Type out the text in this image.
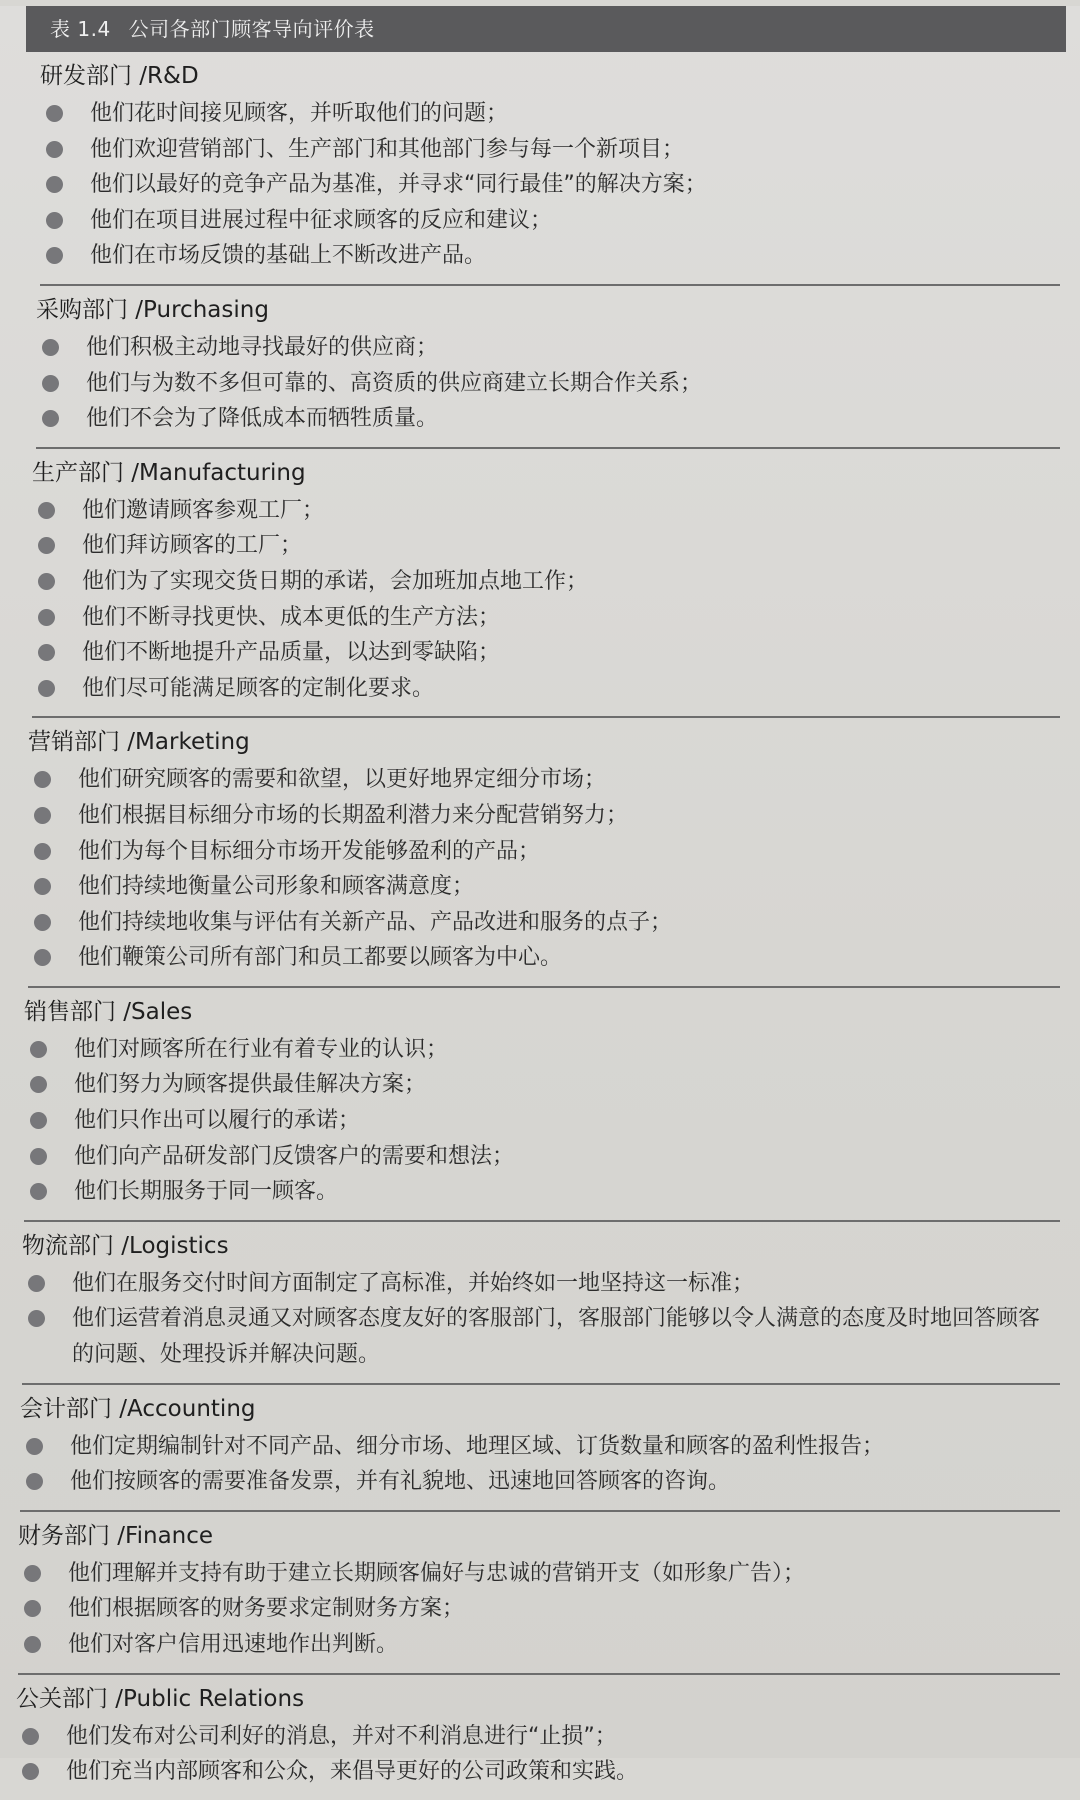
表 1.4 公司各部门顾客导向评价表
研发部门 /R&D
他们花时间接见顾客，并听取他们的问题；
他们欢迎营销部门、生产部门和其他部门参与每一个新项目；
他们以最好的竞争产品为基准，并寻求“同行最佳”的解决方案；
他们在项目进展过程中征求顾客的反应和建议；
他们在市场反馈的基础上不断改进产品。
采购部门 /Purchasing
他们积极主动地寻找最好的供应商；
他们与为数不多但可靠的、高资质的供应商建立长期合作关系；
他们不会为了降低成本而牺牲质量。
生产部门 /Manufacturing
他们邀请顾客参观工厂；
他们拜访顾客的工厂；
他们为了实现交货日期的承诺，会加班加点地工作；
他们不断寻找更快、成本更低的生产方法；
他们不断地提升产品质量，以达到零缺陷；
他们尽可能满足顾客的定制化要求。
营销部门 /Marketing
他们研究顾客的需要和欲望，以更好地界定细分市场；
他们根据目标细分市场的长期盈利潜力来分配营销努力；
他们为每个目标细分市场开发能够盈利的产品；
他们持续地衡量公司形象和顾客满意度；
他们持续地收集与评估有关新产品、产品改进和服务的点子；
他们鞭策公司所有部门和员工都要以顾客为中心。
销售部门 /Sales
他们对顾客所在行业有着专业的认识；
他们努力为顾客提供最佳解决方案；
他们只作出可以履行的承诺；
他们向产品研发部门反馈客户的需要和想法；
他们长期服务于同一顾客。
物流部门 /Logistics
他们在服务交付时间方面制定了高标准，并始终如一地坚持这一标准；
他们运营着消息灵通又对顾客态度友好的客服部门，客服部门能够以令人满意的态度及时地回答顾客的问题、处理投诉并解决问题。
会计部门 /Accounting
他们定期编制针对不同产品、细分市场、地理区域、订货数量和顾客的盈利性报告；
他们按顾客的需要准备发票，并有礼貌地、迅速地回答顾客的咨询。
财务部门 /Finance
他们理解并支持有助于建立长期顾客偏好与忠诚的营销开支（如形象广告）；
他们根据顾客的财务要求定制财务方案；
他们对客户信用迅速地作出判断。
公关部门 /Public Relations
他们发布对公司利好的消息，并对不利消息进行“止损”；
他们充当内部顾客和公众，来倡导更好的公司政策和实践。
